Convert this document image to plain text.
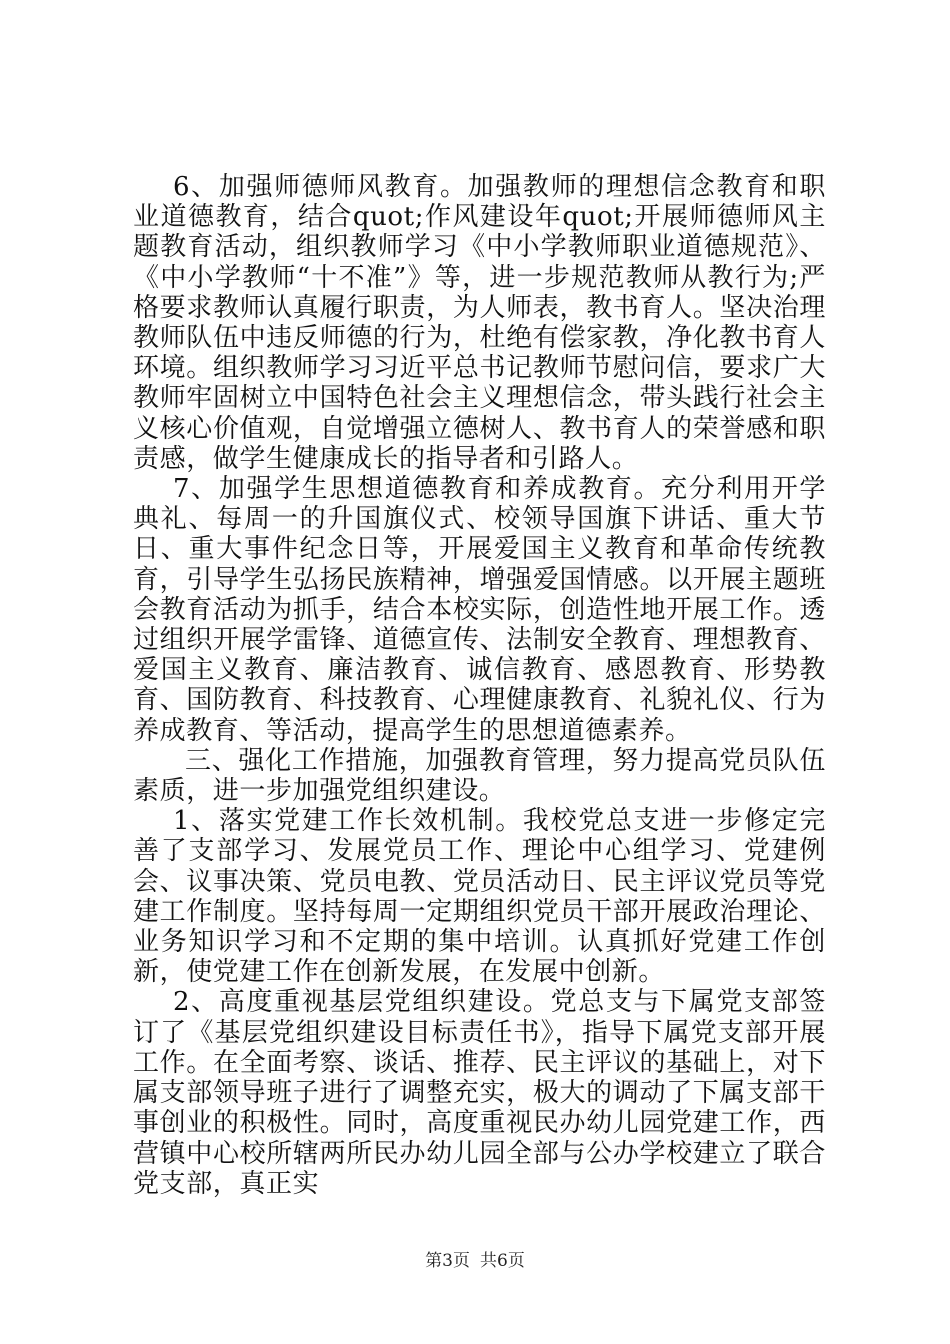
6、加强师德师风教育。加强教师的理想信念教育和职业道德教育，结合quot;作风建设年quot;开展师德师风主题教育活动，组织教师学习《中小学教师职业道德规范》、《中小学教师“十不准”》等，进一步规范教师从教行为;严格要求教师认真履行职责，为人师表，教书育人。坚决治理教师队伍中违反师德的行为，杜绝有偿家教，净化教书育人环境。组织教师学习习近平总书记教师节慰问信，要求广大教师牢固树立中国特色社会主义理想信念，带头践行社会主义核心价值观，自觉增强立德树人、教书育人的荣誉感和职责感，做学生健康成长的指导者和引路人。

7、加强学生思想道德教育和养成教育。充分利用开学典礼、每周一的升国旗仪式、校领导国旗下讲话、重大节日、重大事件纪念日等，开展爱国主义教育和革命传统教育，引导学生弘扬民族精神，增强爱国情感。以开展主题班会教育活动为抓手，结合本校实际，创造性地开展工作。透过组织开展学雷锋、道德宣传、法制安全教育、理想教育、爱国主义教育、廉洁教育、诚信教育、感恩教育、形势教育、国防教育、科技教育、心理健康教育、礼貌礼仪、行为养成教育、等活动，提高学生的思想道德素养。

三、强化工作措施，加强教育管理，努力提高党员队伍素质，进一步加强党组织建设。

1、落实党建工作长效机制。我校党总支进一步修定完善了支部学习、发展党员工作、理论中心组学习、党建例会、议事决策、党员电教、党员活动日、民主评议党员等党建工作制度。坚持每周一定期组织党员干部开展政治理论、业务知识学习和不定期的集中培训。认真抓好党建工作创新，使党建工作在创新发展，在发展中创新。

2、高度重视基层党组织建设。党总支与下属党支部签订了《基层党组织建设目标责任书》，指导下属党支部开展工作。在全面考察、谈话、推荐、民主评议的基础上，对下属支部领导班子进行了调整充实，极大的调动了下属支部干事创业的积极性。同时，高度重视民办幼儿园党建工作，西营镇中心校所辖两所民办幼儿园全部与公办学校建立了联合党支部，真正实

第3页 共6页
